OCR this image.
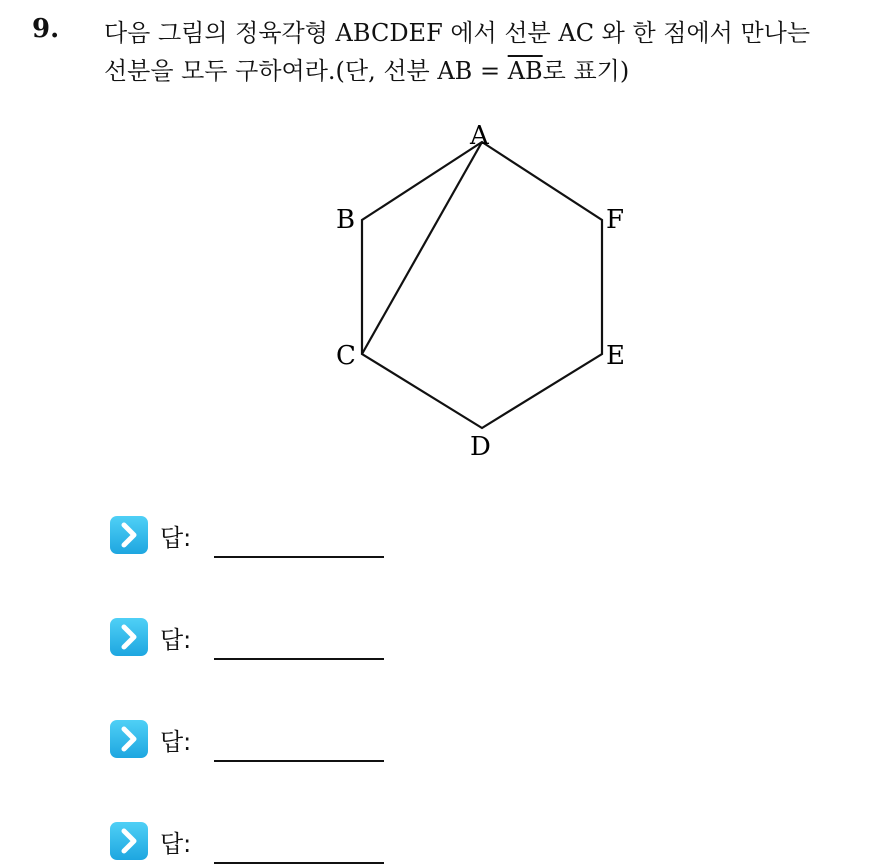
9. 다음 그림의 정육각형 ABCDEF 에서 선분 AC 와 한 점에서 만나는
선분을 모두 구하여라.(단, 선분 AB = $\overline{AB}$로 표기)
A
B
C
D
E
F
답:
답:
답:
답:
